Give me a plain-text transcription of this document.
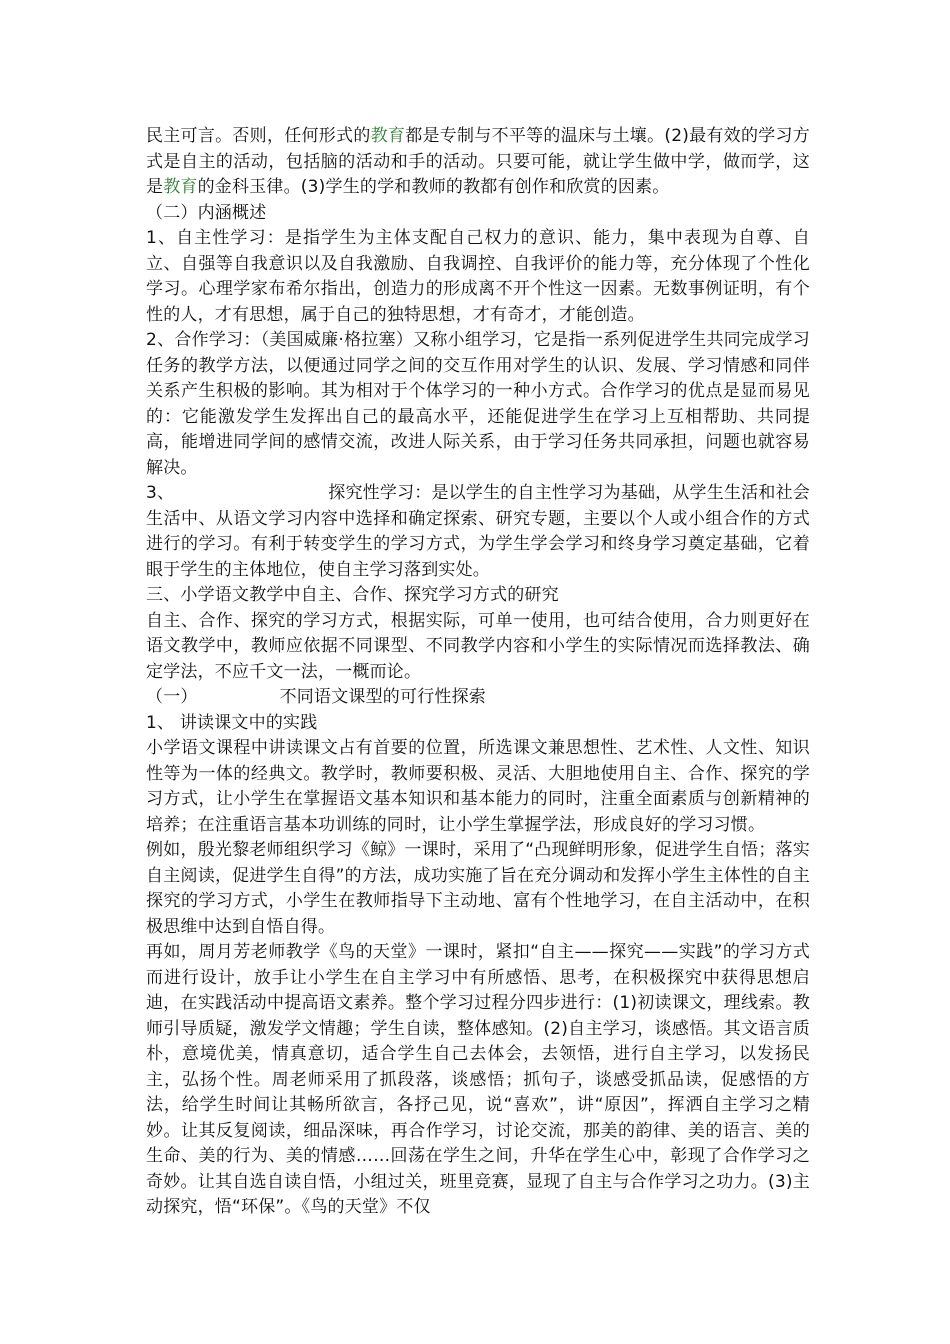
民主可言。否则，任何形式的教育都是专制与不平等的温床与土壤。(2)最有效的学习方式是自主的活动，包括脑的活动和手的活动。只要可能，就让学生做中学，做而学，这是教育的金科玉律。(3)学生的学和教师的教都有创作和欣赏的因素。

（二）内涵概述

1、自主性学习：是指学生为主体支配自己权力的意识、能力，集中表现为自尊、自立、自强等自我意识以及自我激励、自我调控、自我评价的能力等，充分体现了个性化学习。心理学家布希尔指出，创造力的形成离不开个性这一因素。无数事例证明，有个性的人，才有思想，属于自己的独特思想，才有奇才，才能创造。

2、合作学习：（美国威廉·格拉塞）又称小组学习，它是指一系列促进学生共同完成学习任务的教学方法，以便通过同学之间的交互作用对学生的认识、发展、学习情感和同伴关系产生积极的影响。其为相对于个体学习的一种小方式。合作学习的优点是显而易见的：它能激发学生发挥出自己的最高水平，还能促进学生在学习上互相帮助、共同提高，能增进同学间的感情交流，改进人际关系，由于学习任务共同承担，问题也就容易解决。

3、	探究性学习：是以学生的自主性学习为基础，从学生生活和社会生活中、从语文学习内容中选择和确定探索、研究专题，主要以个人或小组合作的方式进行的学习。有利于转变学生的学习方式，为学生学会学习和终身学习奠定基础，它着眼于学生的主体地位，使自主学习落到实处。

三、小学语文教学中自主、合作、探究学习方式的研究

自主、合作、探究的学习方式，根据实际，可单一使用，也可结合使用，合力则更好在语文教学中，教师应依据不同课型、不同教学内容和小学生的实际情况而选择教法、确定学法，不应千文一法，一概而论。

（一）	不同语文课型的可行性探索

1、 讲读课文中的实践

小学语文课程中讲读课文占有首要的位置，所选课文兼思想性、艺术性、人文性、知识性等为一体的经典文。教学时，教师要积极、灵活、大胆地使用自主、合作、探究的学习方式，让小学生在掌握语文基本知识和基本能力的同时，注重全面素质与创新精神的培养；在注重语言基本功训练的同时，让小学生掌握学法，形成良好的学习习惯。

例如，殷光黎老师组织学习《鲸》一课时，采用了“凸现鲜明形象，促进学生自悟；落实自主阅读，促进学生自得”的方法，成功实施了旨在充分调动和发挥小学生主体性的自主探究的学习方式，小学生在教师指导下主动地、富有个性地学习，在自主活动中，在积极思维中达到自悟自得。

再如，周月芳老师教学《鸟的天堂》一课时，紧扣“自主——探究——实践”的学习方式而进行设计，放手让小学生在自主学习中有所感悟、思考，在积极探究中获得思想启迪，在实践活动中提高语文素养。整个学习过程分四步进行：(1)初读课文，理线索。教师引导质疑，激发学文情趣；学生自读，整体感知。(2)自主学习，谈感悟。其文语言质朴，意境优美，情真意切，适合学生自己去体会，去领悟，进行自主学习，以发扬民主，弘扬个性。周老师采用了抓段落，谈感悟；抓句子，谈感受抓品读，促感悟的方法，给学生时间让其畅所欲言，各抒己见，说“喜欢”，讲“原因”，挥洒自主学习之精妙。让其反复阅读，细品深味，再合作学习，讨论交流，那美的韵律、美的语言、美的生命、美的行为、美的情感……回荡在学生之间，升华在学生心中，彰现了合作学习之奇妙。让其自选自读自悟，小组过关，班里竞赛，显现了自主与合作学习之功力。(3)主动探究，悟“环保”。《鸟的天堂》不仅
